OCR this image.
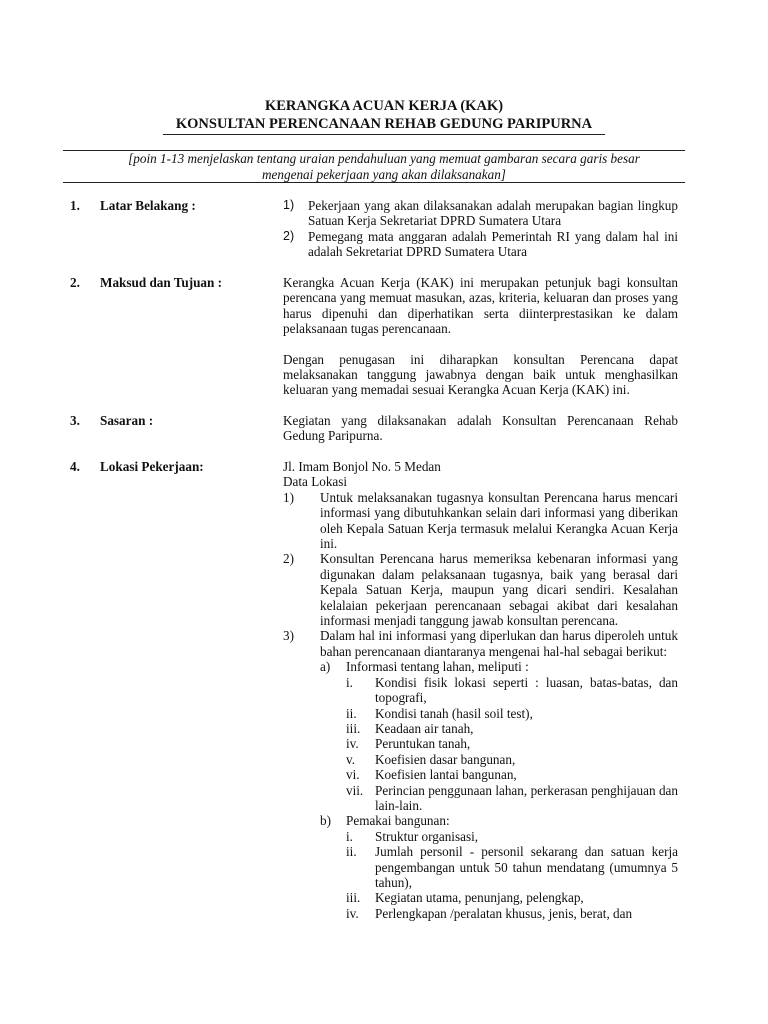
KERANGKA ACUAN KERJA (KAK)
KONSULTAN PERENCANAAN REHAB GEDUNG PARIPURNA
[poin 1-13 menjelaskan tentang uraian pendahuluan yang memuat gambaran secara garis besar
mengenai pekerjaan yang akan dilaksanakan]
1. Latar Belakang :	1)	Pekerjaan yang akan dilaksanakan adalah merupakan bagian lingkup Satuan Kerja Sekretariat DPRD Sumatera Utara
2)	Pemegang mata anggaran adalah Pemerintah RI yang dalam hal ini adalah Sekretariat DPRD Sumatera Utara
2. Maksud dan Tujuan :	Kerangka Acuan Kerja (KAK) ini merupakan petunjuk bagi konsultan perencana yang memuat masukan, azas, kriteria, keluaran dan proses yang harus dipenuhi dan diperhatikan serta diinterprestasikan ke dalam pelaksanaan tugas perencanaan.

Dengan penugasan ini diharapkan konsultan Perencana dapat melaksanakan tanggung jawabnya dengan baik untuk menghasilkan keluaran yang memadai sesuai Kerangka Acuan Kerja (KAK) ini.

3. Sasaran :	Kegiatan yang dilaksanakan adalah Konsultan Perencanaan Rehab Gedung Paripurna.

4. Lokasi Pekerjaan:	Jl. Imam Bonjol No. 5 Medan
Data Lokasi
1)	Untuk melaksanakan tugasnya konsultan Perencana harus mencari informasi yang dibutuhkankan selain dari informasi yang diberikan oleh Kepala Satuan Kerja termasuk melalui Kerangka Acuan Kerja ini.
2)	Konsultan Perencana harus memeriksa kebenaran informasi yang digunakan dalam pelaksanaan tugasnya, baik yang berasal dari Kepala Satuan Kerja, maupun yang dicari sendiri. Kesalahan kelalaian pekerjaan perencanaan sebagai akibat dari kesalahan informasi menjadi tanggung jawab konsultan perencana.
3)	Dalam hal ini informasi yang diperlukan dan harus diperoleh untuk bahan perencanaan diantaranya mengenai hal-hal sebagai berikut:

a)	Informasi tentang lahan, meliputi :

i.	Kondisi fisik lokasi seperti : luasan, batas-batas, dan topografi,
ii.	Kondisi tanah (hasil soil test),
iii.	Keadaan air tanah,
iv.	Peruntukan tanah,
v.	Koefisien dasar bangunan,
vi.	Koefisien lantai bangunan,
vii. Perincian penggunaan lahan, perkerasan penghijauan dan lain-lain.
b)	Pemakai bangunan:

i.	Struktur organisasi,
ii.	Jumlah personil - personil sekarang dan satuan kerja pengembangan untuk 50 tahun mendatang (umumnya 5 tahun),
iii.	Kegiatan utama, penunjang, pelengkap,
iv.	Perlengkapan /peralatan khusus, jenis, berat, dan
